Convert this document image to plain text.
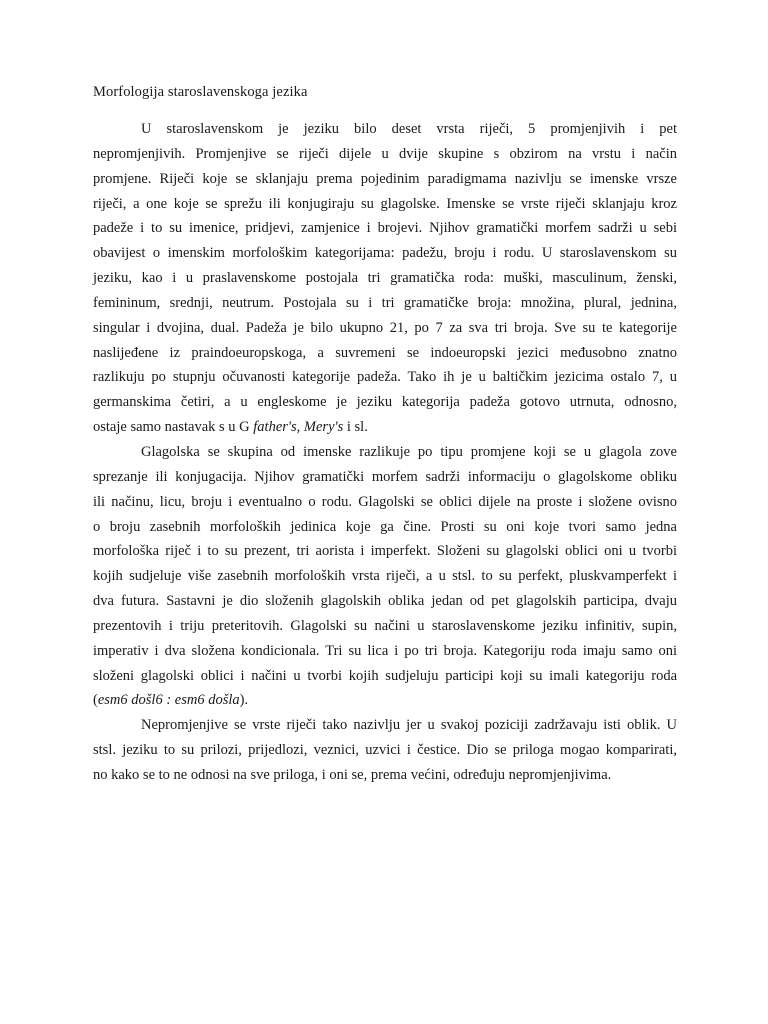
Morfologija staroslavenskoga jezika
U staroslavenskom je jeziku bilo deset vrsta riječi, 5 promjenjivih i pet
nepromjenjivih. Promjenjive se riječi dijele u dvije skupine s obzirom na vrstu i način
promjene. Riječi koje se sklanjaju prema pojedinim paradigmama nazivlju se imenske vrsze
riječi, a one koje se sprežu ili konjugiraju su glagolske. Imenske se vrste riječi sklanjaju kroz
padeže i to su imenice, pridjevi, zamjenice i brojevi. Njihov gramatički morfem sadrži u sebi
obavijest o imenskim morfološkim kategorijama: padežu, broju i rodu. U staroslavenskom su
jeziku, kao i u praslavenskome postojala tri gramatička roda: muški, masculinum, ženski,
femininum, srednji, neutrum. Postojala su i tri gramatičke broja: množina, plural, jednina,
singular i dvojina, dual. Padeža je bilo ukupno 21, po 7 za sva tri broja. Sve su te kategorije
naslijeđene iz praindoeuropskoga, a suvremeni se indoeuropski jezici međusobno znatno
razlikuju po stupnju očuvanosti kategorije padeža. Tako ih je u baltičkim jezicima ostalo 7, u
germanskima četiri, a u engleskome je jeziku kategorija padeža gotovo utrnuta, odnosno,
ostaje samo nastavak s u G father's, Mery's i sl.
Glagolska se skupina od imenske razlikuje po tipu promjene koji se u glagola zove
sprezanje ili konjugacija. Njihov gramatički morfem sadrži informaciju o glagolskome obliku
ili načinu, licu, broju i eventualno o rodu. Glagolski se oblici dijele na proste i složene ovisno
o broju zasebnih morfoloških jedinica koje ga čine. Prosti su oni koje tvori samo jedna
morfološka riječ i to su prezent, tri aorista i imperfekt. Složeni su glagolski oblici oni u tvorbi
kojih sudjeluje više zasebnih morfoloških vrsta riječi, a u stsl. to su perfekt, pluskvamperfekt i
dva futura. Sastavni je dio složenih glagolskih oblika jedan od pet glagolskih participa, dvaju
prezentovih i triju preteritovih. Glagolski su načini u staroslavenskome jeziku infinitiv, supin,
imperativ i dva složena kondicionala. Tri su lica i po tri broja. Kategoriju roda imaju samo oni
složeni glagolski oblici i načini u tvorbi kojih sudjeluju participi koji su imali kategoriju roda
(esm6 došl6 : esm6 došla).
Nepromjenjive se vrste riječi tako nazivlju jer u svakoj poziciji zadržavaju isti oblik. U
stsl. jeziku to su prilozi, prijedlozi, veznici, uzvici i čestice. Dio se priloga mogao komparirati,
no kako se to ne odnosi na sve priloga, i oni se, prema većini, određuju nepromjenjivima.
